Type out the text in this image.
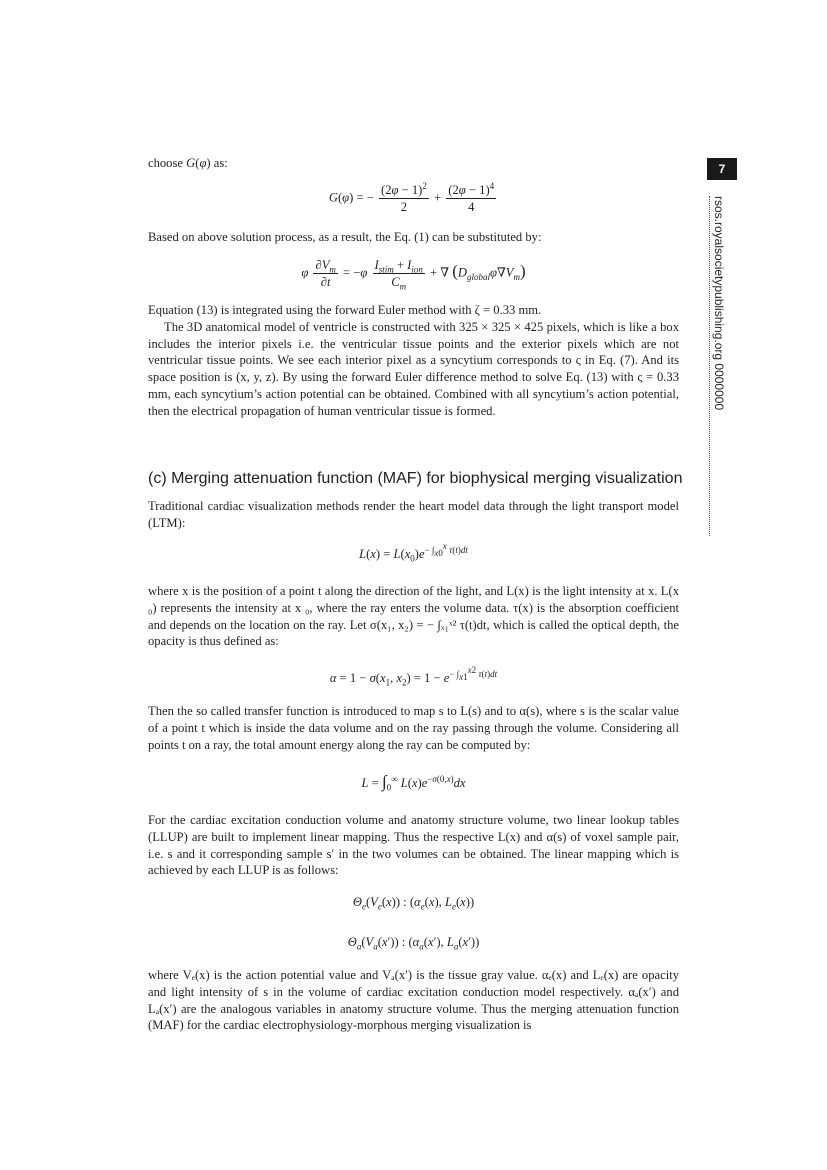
7
rsos.royalsocietypublishing.org 0000000

choose G(φ) as:

G(φ) = − $\frac{(2\varphi - 1)^2}{2} + \frac{(2\varphi - 1)^4}{4}$

Based on above solution process, as a result, the Eq. (1) can be substituted by:

φ $\frac{\partial V_m}{\partial t} = -\varphi \frac{I_{stim} + I_{ion}}{C_m}$ + ∇ $(D_{global}\varphi\nabla V_m)$

Equation (13) is integrated using the forward Euler method with ζ = 0.33 mm.

The 3D anatomical model of ventricle is constructed with 325 × 325 × 425 pixels, which is like a box includes the interior pixels i.e. the ventricular tissue points and the exterior pixels which are not ventricular tissue points. We see each interior pixel as a syncytium corresponds to ς in Eq. (7). And its space position is (x, y, z). By using the forward Euler difference method to solve Eq. (13) with ς = 0.33 mm, each syncytium’s action potential can be obtained. Combined with all syncytium’s action potential, then the electrical propagation of human ventricular tissue is formed.

(c) Merging attenuation function (MAF) for biophysical merging visualization

Traditional cardiac visualization methods render the heart model data through the light transport model (LTM):

$L(x) = L(x_0)e^{- \int_{x0}^x \tau(t)dt}$

where x is the position of a point t along the direction of the light, and L(x) is the light intensity at x. L(x ₀) represents the intensity at x ₀, where the ray enters the volume data. τ(x) is the absorption coefficient and depends on the location on the ray. Let σ(x₁, x₂) = − ∫ₓ₁ˣ² τ(t)dt, which is called the optical depth, the opacity is thus defined as:

$\alpha = 1 - \sigma(x_1$, $x_2) = 1 - e^{- \int_{x1}^{x2} \tau(t)dt}$

Then the so called transfer function is introduced to map s to L(s) and to α(s), where s is the scalar value of a point t which is inside the data volume and on the ray passing through the volume. Considering all points t on a ray, the total amount energy along the ray can be computed by:

$L = \int_0^\infty$ $L(x)e^{-\sigma(0,x)}dx$

For the cardiac excitation conduction volume and anatomy structure volume, two linear lookup tables (LLUP) are built to implement linear mapping. Thus the respective L(x) and α(s) of voxel sample pair, i.e. s and it corresponding sample s′ in the two volumes can be obtained. The linear mapping which is achieved by each LLUP is as follows:

$\Theta_e(V_e(x))$ : ($\alpha_e(x)$, $L_e(x)$)
$\Theta_a(V_a(x'))$ : ($\alpha_a(x')$, $L_a(x')$)

where Vₑ(x) is the action potential value and Vₐ(x′) is the tissue gray value. αₑ(x) and Lₑ(x) are opacity and light intensity of s in the volume of cardiac excitation conduction model respectively. αₐ(x′) and Lₐ(x′) are the analogous variables in anatomy structure volume. Thus the merging attenuation function (MAF) for the cardiac electrophysiology-morphous merging visualization is
